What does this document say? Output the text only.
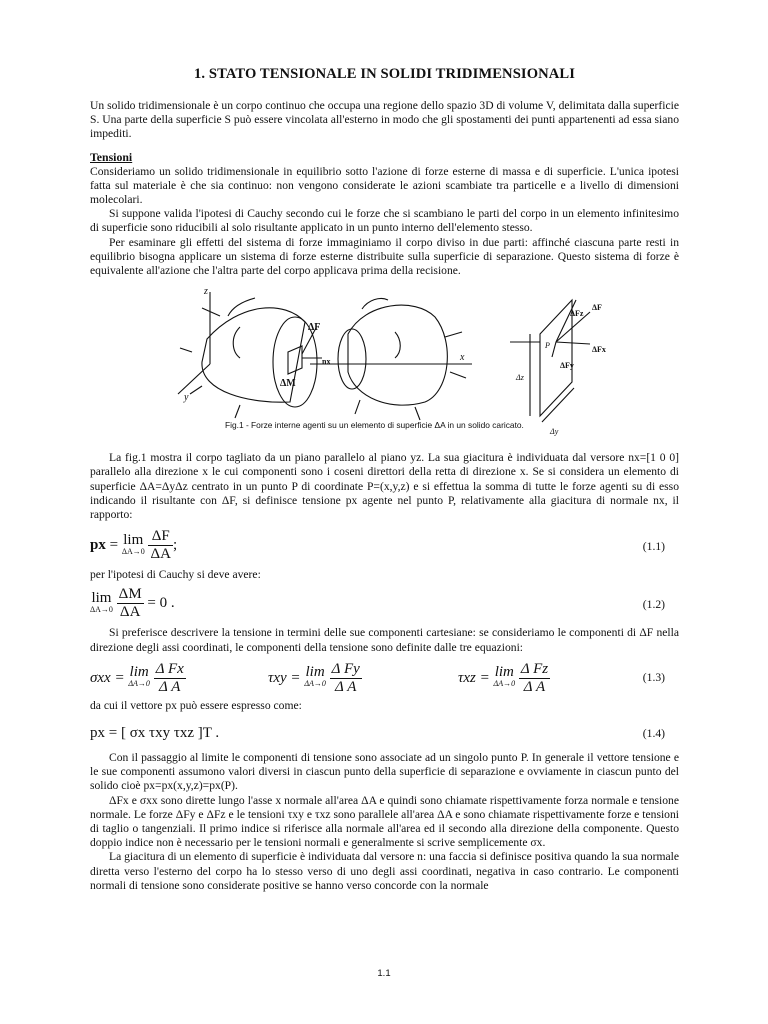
1. STATO TENSIONALE IN SOLIDI TRIDIMENSIONALI

Un solido tridimensionale è un corpo continuo che occupa una regione dello spazio 3D di volume V, delimitata dalla superficie S. Una parte della superficie S può essere vincolata all'esterno in modo che gli spostamenti dei punti appartenenti ad essa siano impediti.

Tensioni

Consideriamo un solido tridimensionale in equilibrio sotto l'azione di forze esterne di massa e di superficie. L'unica ipotesi fatta sul materiale è che sia continuo: non vengono considerate le azioni scambiate tra particelle e a livello di dimensioni molecolari.

Si suppone valida l'ipotesi di Cauchy secondo cui le forze che si scambiano le parti del corpo in un elemento infinitesimo di superficie sono riducibili al solo risultante applicato in un punto interno dell'elemento stesso.

Per esaminare gli effetti del sistema di forze immaginiamo il corpo diviso in due parti: affinché ciascuna parte resti in equilibrio bisogna applicare un sistema di forze esterne distribuite sulla superficie di separazione. Questo sistema di forze è equivalente all'azione che l'altra parte del corpo applicava prima della recisione.

z
y
x
ΔF
ΔM
nx
ΔFz
ΔF
ΔFy
ΔFx
P
Δz
Δy
Fig.1 - Forze interne agenti su un elemento di superficie ΔA in un solido caricato.

La fig.1 mostra il corpo tagliato da un piano parallelo al piano yz. La sua giacitura è individuata dal versore nx=[1 0 0] parallelo alla direzione x le cui componenti sono i coseni direttori della retta di direzione x. Se si considera un elemento di superficie ΔA=ΔyΔz centrato in un punto P di coordinate P=(x,y,z) e si effettua la somma di tutte le forze agenti su di esso indicando il risultante con ΔF, si definisce tensione px agente nel punto P, relativamente alla giacitura di normale nx, il rapporto:

px = lim
ΔA→0
$\frac{\Delta F}{\Delta A}$ ;	(1.1)

per l'ipotesi di Cauchy si deve avere:

lim
ΔA→0
$\frac{\Delta M}{\Delta A} = 0$ .	(1.2)

Si preferisce descrivere la tensione in termini delle sue componenti cartesiane: se consideriamo le componenti di ΔF nella direzione degli assi coordinati, le componenti della tensione sono definite dalle tre equazioni:

σxx = lim
ΔA→0
$\frac{\text{Δ Fx}}{\text{Δ A}}$	τxy = lim
ΔA→0
$\frac{\text{Δ Fy}}{\text{Δ A}}$	τxz = lim
ΔA→0
$\frac{\text{Δ Fz}}{\text{Δ A}}$	(1.3)

da cui il vettore px può essere espresso come:

px = [ σx τxy τxz ]T .	(1.4)

Con il passaggio al limite le componenti di tensione sono associate ad un singolo punto P. In generale il vettore tensione e le sue componenti assumono valori diversi in ciascun punto della superficie di separazione e ovviamente in ciascun punto del solido cioè px=px(x,y,z)=px(P).

ΔFx e σxx sono dirette lungo l'asse x normale all'area ΔA e quindi sono chiamate rispettivamente forza normale e tensione normale. Le forze ΔFy e ΔFz e le tensioni τxy e τxz sono parallele all'area ΔA e sono chiamate rispettivamente forze e tensioni di taglio o tangenziali. Il primo indice si riferisce alla normale all'area ed il secondo alla direzione della componente. Questo doppio indice non è necessario per le tensioni normali e generalmente si scrive semplicemente σx.

La giacitura di un elemento di superficie è individuata dal versore n: una faccia si definisce positiva quando la sua normale diretta verso l'esterno del corpo ha lo stesso verso di uno degli assi coordinati, negativa in caso contrario. Le componenti normali di tensione sono considerate positive se hanno verso concorde con la normale

1.1
